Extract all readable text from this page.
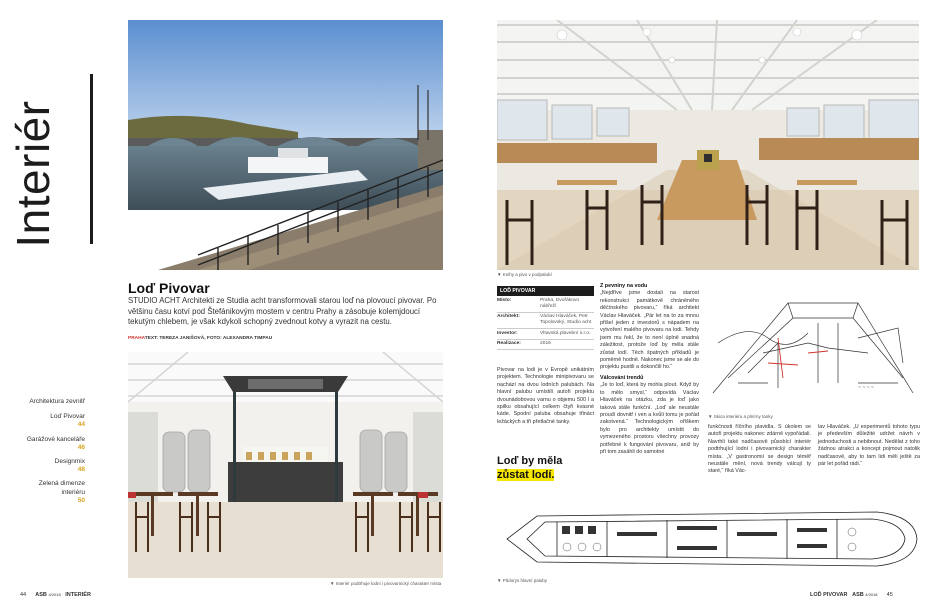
Interiér
Loď Pivovar
STUDIO ACHT Architekti ze Studia acht transformovali starou loď na plovoucí pivovar. Po většinu času kotví pod Štefánikovým mostem v centru Prahy a zásobuje kolemjdoucí tekutým chlebem, je však kdykoli schopný zvednout kotvy a vyrazit na cestu.
PRAHATEXT: TEREZA JANIŠOVÁ, FOTO: ALEXANDRA TIMPAU
▼ Interiér podtrhuje lodní i pivovarnický charakter místa
Architektura zevnitř
Loď Pivovar
44
Garážové kanceláře
46
Designmix
48
Zelená dimenze interiéru
50
44 ASB 4/2018 INTERIÉR
▼ Knihy a pivo v podpalubí
LOĎ PIVOVAR
Místo:	Praha, Dvořákovo nábřeží
Architekt:	Václav Hlaváček, Petr Topolovský, Studio acht
Investor:	Vltavská plavební s.r.o.
Realizace:	2016
Pivovar na lodi je v Evropě unikátním projektem. Technologie minipivovaru se nachází na dvou lodních palubách. Na hlavní palubu umístili autoři projektu dvounádobovou varnu o objemu 500 l a spilku obsahující celkem čtyři kvasné káde. Spodní paluba obsahuje třináct ležáckých a tři přetlačné tanky.
Loď by měla
zůstat lodí.
Z pevniny na vodu
„Nejdříve jsme dostali na starost rekonstrukci památkově chráněného děčínského pivovaru,“ říká architekt Václav Hlaváček. „Pár let na to za mnou přišel jeden z investorů s nápadem na vytvoření malého pivovaru na lodi. Tehdy jsem mu řekl, že to není úplně snadná záležitost, protože loď by měla stále zůstat lodí. Těch špatných příkladů je poměrně hodně. Nakonec jsme se ale do projektu pustili a dokončili ho.“
Válcování trendů
„Je to loď, která by mohla plout. Když by to mělo smysl,“ odpovídá Václav Hlaváček na otázku, zda je loď jako taková stále funkční. „Loď ale neustále proudí dovnitř i ven a kvůli tomu je pořád zakotvená.“ Technologickým oříškem bylo pro architekty umístit do vymezeného prostoru všechny provozy potřebné k fungování pivovaru, aniž by při tom zasáhli do samotné
~ ~ ~ ~
▼ Skica interiéru a plnírny tanky
funkčnosti říčního plavidla. S úkolem se autoři projektu nakonec zdárně vypořádali. Navrhli také nadčasově působící interiér podtrhující lodní i pivovarnický charakter místa. „V gastronomii se design téměř neustále mění, nová trendy válcují ty staré,“ říká Vác-
lav Hlaváček. „U experimentů tohoto typu je především důležité udržet návrh v jednoduchosti a nebibnout. Nedělat z toho žádnou atrakci a koncept pojmout natolik nadčasově, aby to tam lidi měli ještě za pár let pořád rádi.“
▼ Půdorys hlavní paluby
LOĎ PIVOVAR ASB 4/2018 45
